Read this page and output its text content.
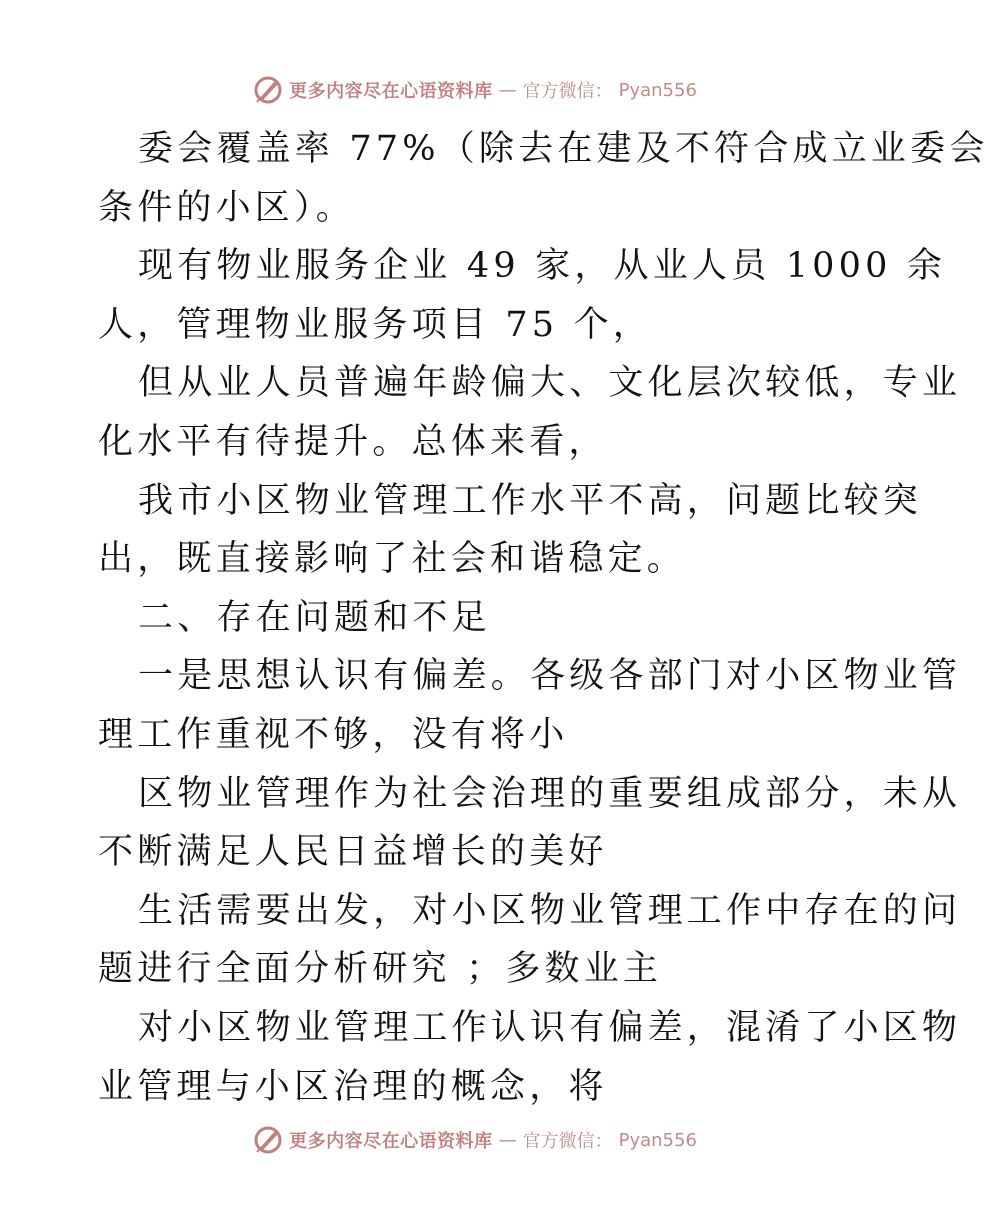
更多内容尽在心语资料库 — 官方微信： Pyan556
委会覆盖率 77%（除去在建及不符合成立业委会
条件的小区）。
现有物业服务企业 49 家，从业人员 1000 余
人，管理物业服务项目 75 个，
但从业人员普遍年龄偏大、文化层次较低，专业
化水平有待提升。总体来看，
我市小区物业管理工作水平不高，问题比较突
出，既直接影响了社会和谐稳定。
二、存在问题和不足
一是思想认识有偏差。各级各部门对小区物业管
理工作重视不够，没有将小
区物业管理作为社会治理的重要组成部分，未从
不断满足人民日益增长的美好
生活需要出发，对小区物业管理工作中存在的问
题进行全面分析研究 ；多数业主
对小区物业管理工作认识有偏差，混淆了小区物
业管理与小区治理的概念，将
更多内容尽在心语资料库 — 官方微信： Pyan556
